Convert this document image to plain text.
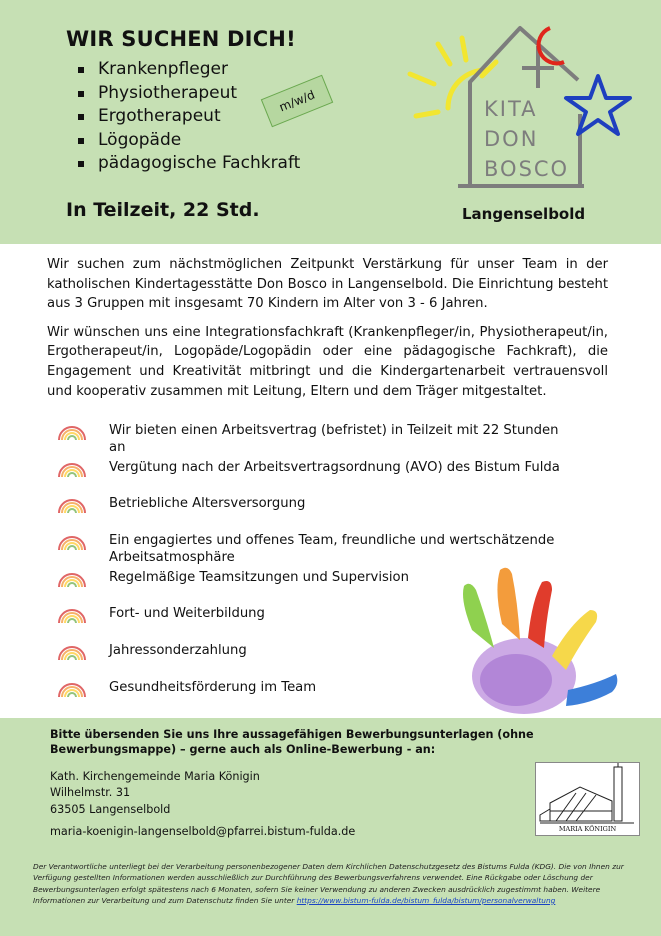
WIR SUCHEN DICH!
Krankenpfleger
Physiotherapeut
Ergotherapeut
Lögopäde
pädagogische Fachkraft
m/w/d
In Teilzeit, 22 Std.
KITA
DON
BOSCO
Langenselbold

Wir suchen zum nächstmöglichen Zeitpunkt Verstärkung für unser Team in der katholischen Kindertagesstätte Don Bosco in Langenselbold. Die Einrichtung besteht aus 3 Gruppen mit insgesamt 70 Kindern im Alter von 3 - 6 Jahren.

Wir wünschen uns eine Integrationsfachkraft (Krankenpfleger/in, Physiotherapeut/in, Ergotherapeut/in, Logopäde/Logopädin oder eine pädagogische Fachkraft), die Engagement und Kreativität mitbringt und die Kindergartenarbeit vertrauensvoll und kooperativ zusammen mit Leitung, Eltern und dem Träger mitgestaltet.

Wir bieten einen Arbeitsvertrag (befristet) in Teilzeit mit 22 Stunden an
Vergütung nach der Arbeitsvertragsordnung (AVO) des Bistum Fulda
Betriebliche Altersversorgung
Ein engagiertes und offenes Team, freundliche und wertschätzende Arbeitsatmosphäre
Regelmäßige Teamsitzungen und Supervision
Fort- und Weiterbildung
Jahressonderzahlung
Gesundheitsförderung im Team
Bitte übersenden Sie uns Ihre aussagefähigen Bewerbungsunterlagen (ohne Bewerbungsmappe) – gerne auch als Online-Bewerbung - an:
Kath. Kirchengemeinde Maria Königin
Wilhelmstr. 31
63505 Langenselbold
maria-koenigin-langenselbold@pfarrei.bistum-fulda.de	MARIA KÖNIGIN
Der Verantwortliche unterliegt bei der Verarbeitung personenbezogener Daten dem Kirchlichen Datenschutzgesetz des Bistums Fulda (KDG). Die von Ihnen zur Verfügung gestellten Informationen werden ausschließlich zur Durchführung des Bewerbungsverfahrens verwendet. Eine Rückgabe oder Löschung der Bewerbungsunterlagen erfolgt spätestens nach 6 Monaten, sofern Sie keiner Verwendung zu anderen Zwecken ausdrücklich zugestimmt haben. Weitere Informationen zur Verarbeitung und zum Datenschutz finden Sie unter https://www.bistum-fulda.de/bistum_fulda/bistum/personalverwaltung
